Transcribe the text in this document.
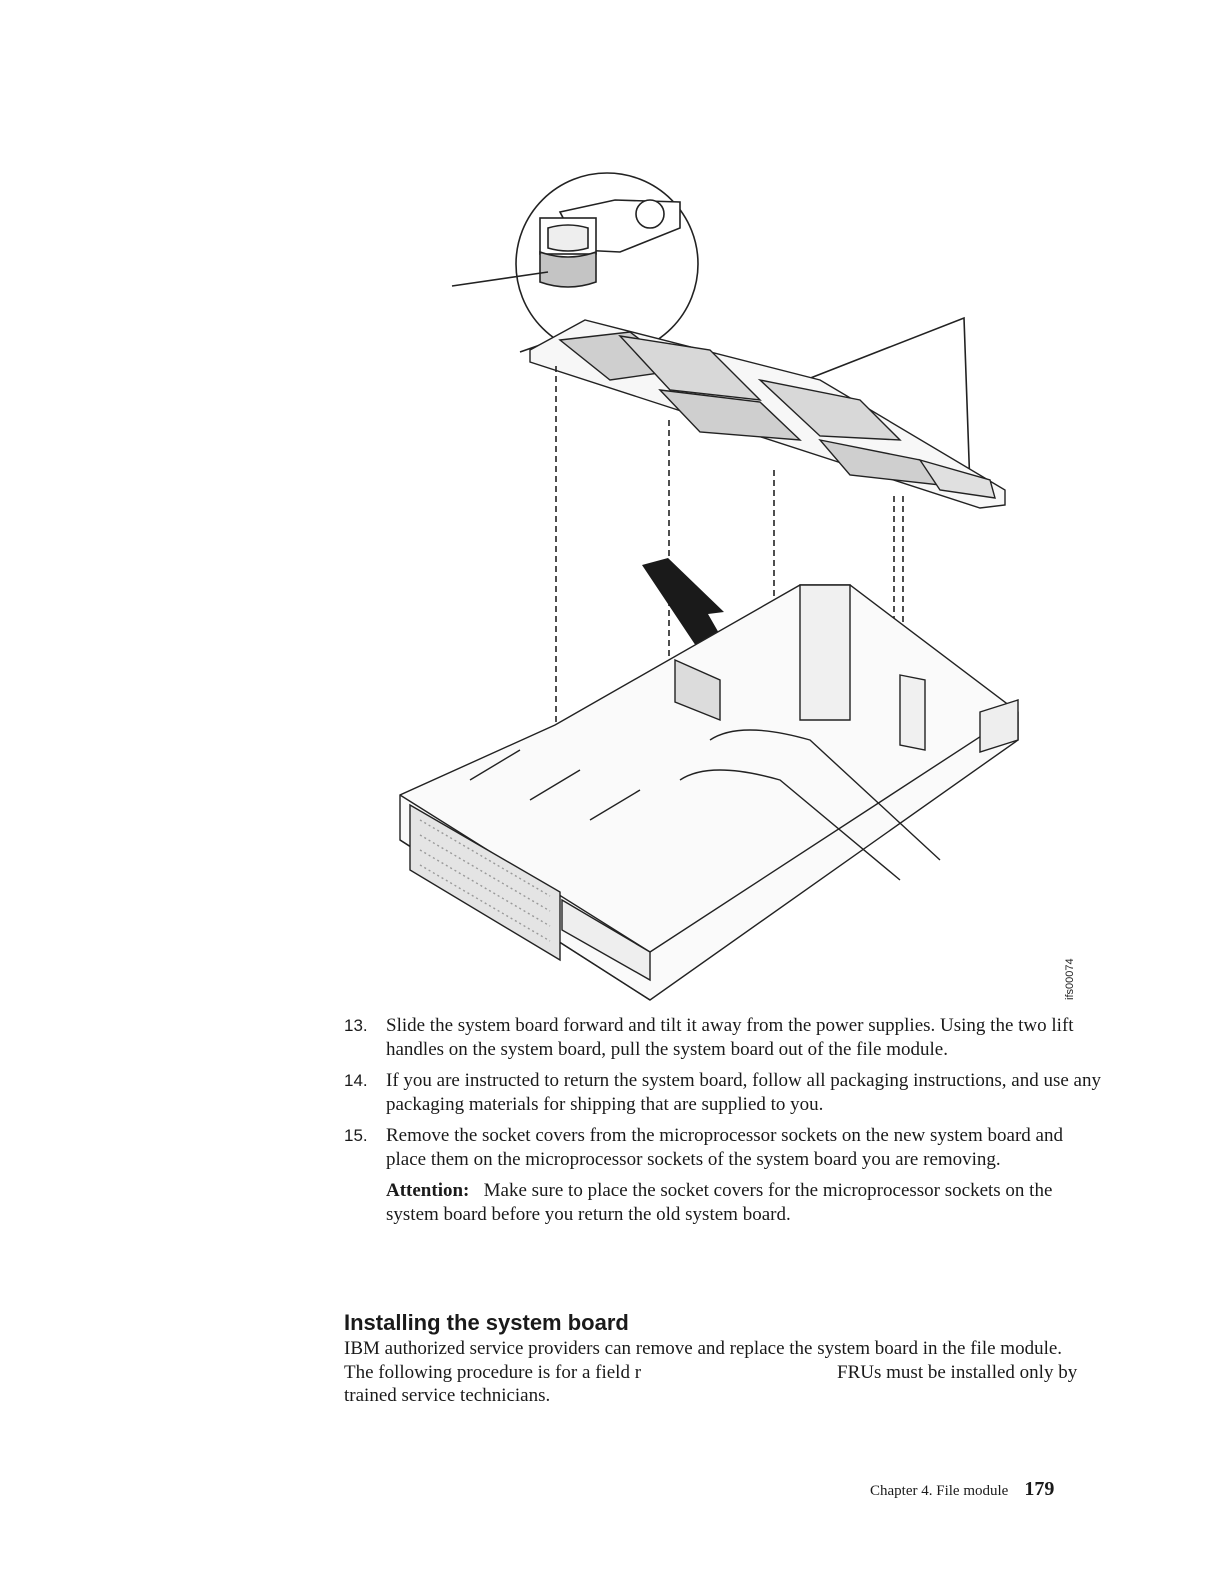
ifs00074
13. Slide the system board forward and tilt it away from the power supplies. Using the two lift handles on the system board, pull the system board out of the file module.
14. If you are instructed to return the system board, follow all packaging instructions, and use any packaging materials for shipping that are supplied to you.
15. Remove the socket covers from the microprocessor sockets on the new system board and place them on the microprocessor sockets of the system board you are removing.
Attention: Make sure to place the socket covers for the microprocessor sockets on the system board before you return the old system board.
Installing the system board

IBM authorized service providers can remove and replace the system board in the file module. The following procedure is for a field r	FRUs must be installed only by trained service technicians.

Chapter 4. File module 179
